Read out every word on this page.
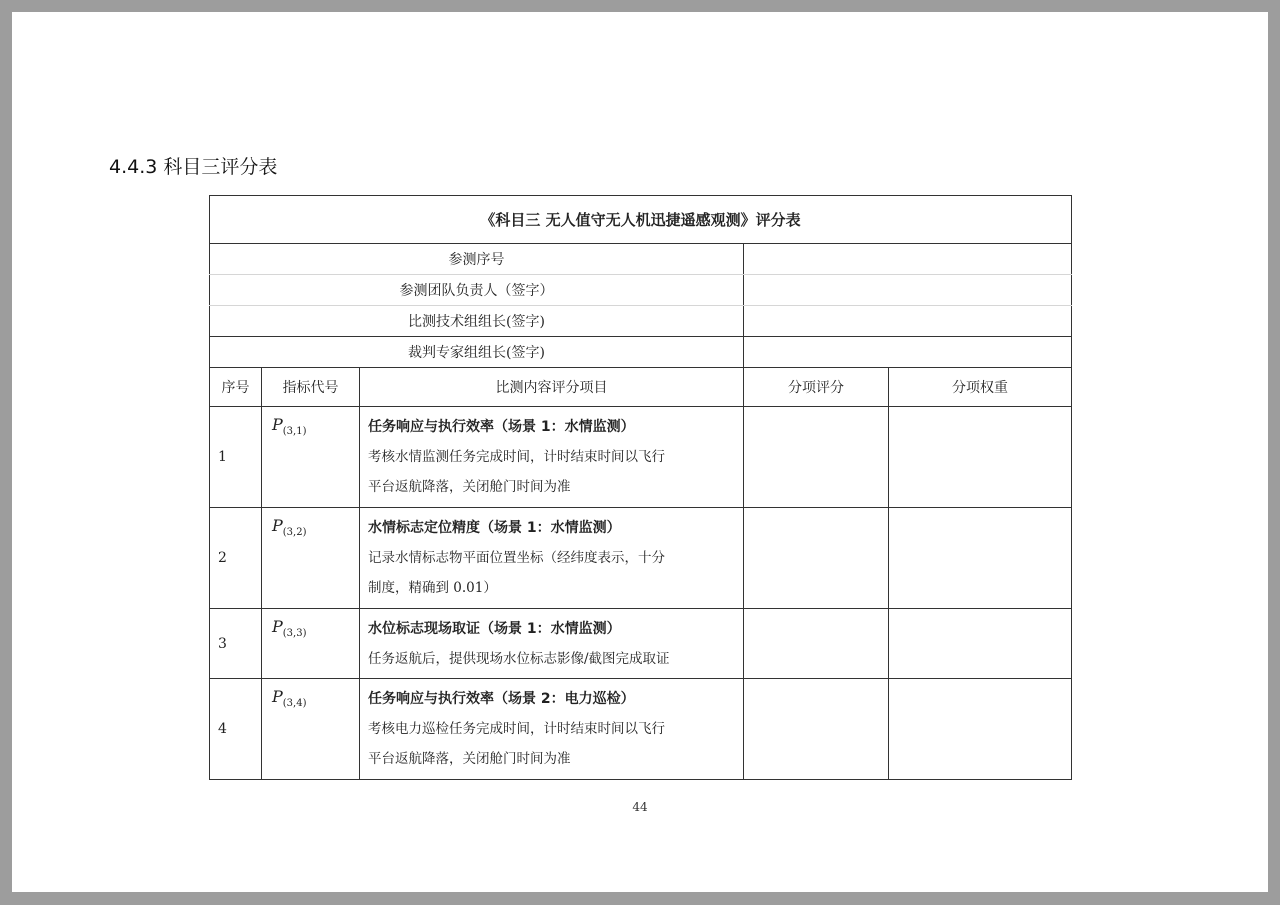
4.4.3 科目三评分表
《科目三 无人值守无人机迅捷遥感观测》评分表				
参测序号				
参测团队负责人（签字）				
比测技术组组长(签字)				
裁判专家组组长(签字)				
序号	指标代号	比测内容评分项目	分项评分	分项权重
1	$P_{(3,1)}$	任务响应与执行效率（场景 1：水情监测）
考核水情监测任务完成时间，计时结束时间以飞行
平台返航降落，关闭舱门时间为准		

2	$P_{(3,2)}$	水情标志定位精度（场景 1：水情监测）
记录水情标志物平面位置坐标（经纬度表示，十分
制度，精确到 0.01）		

3	$P_{(3,3)}$	水位标志现场取证（场景 1：水情监测）
任务返航后，提供现场水位标志影像/截图完成取证		

4	$P_{(3,4)}$	任务响应与执行效率（场景 2：电力巡检）
考核电力巡检任务完成时间，计时结束时间以飞行
平台返航降落，关闭舱门时间为准		

44
